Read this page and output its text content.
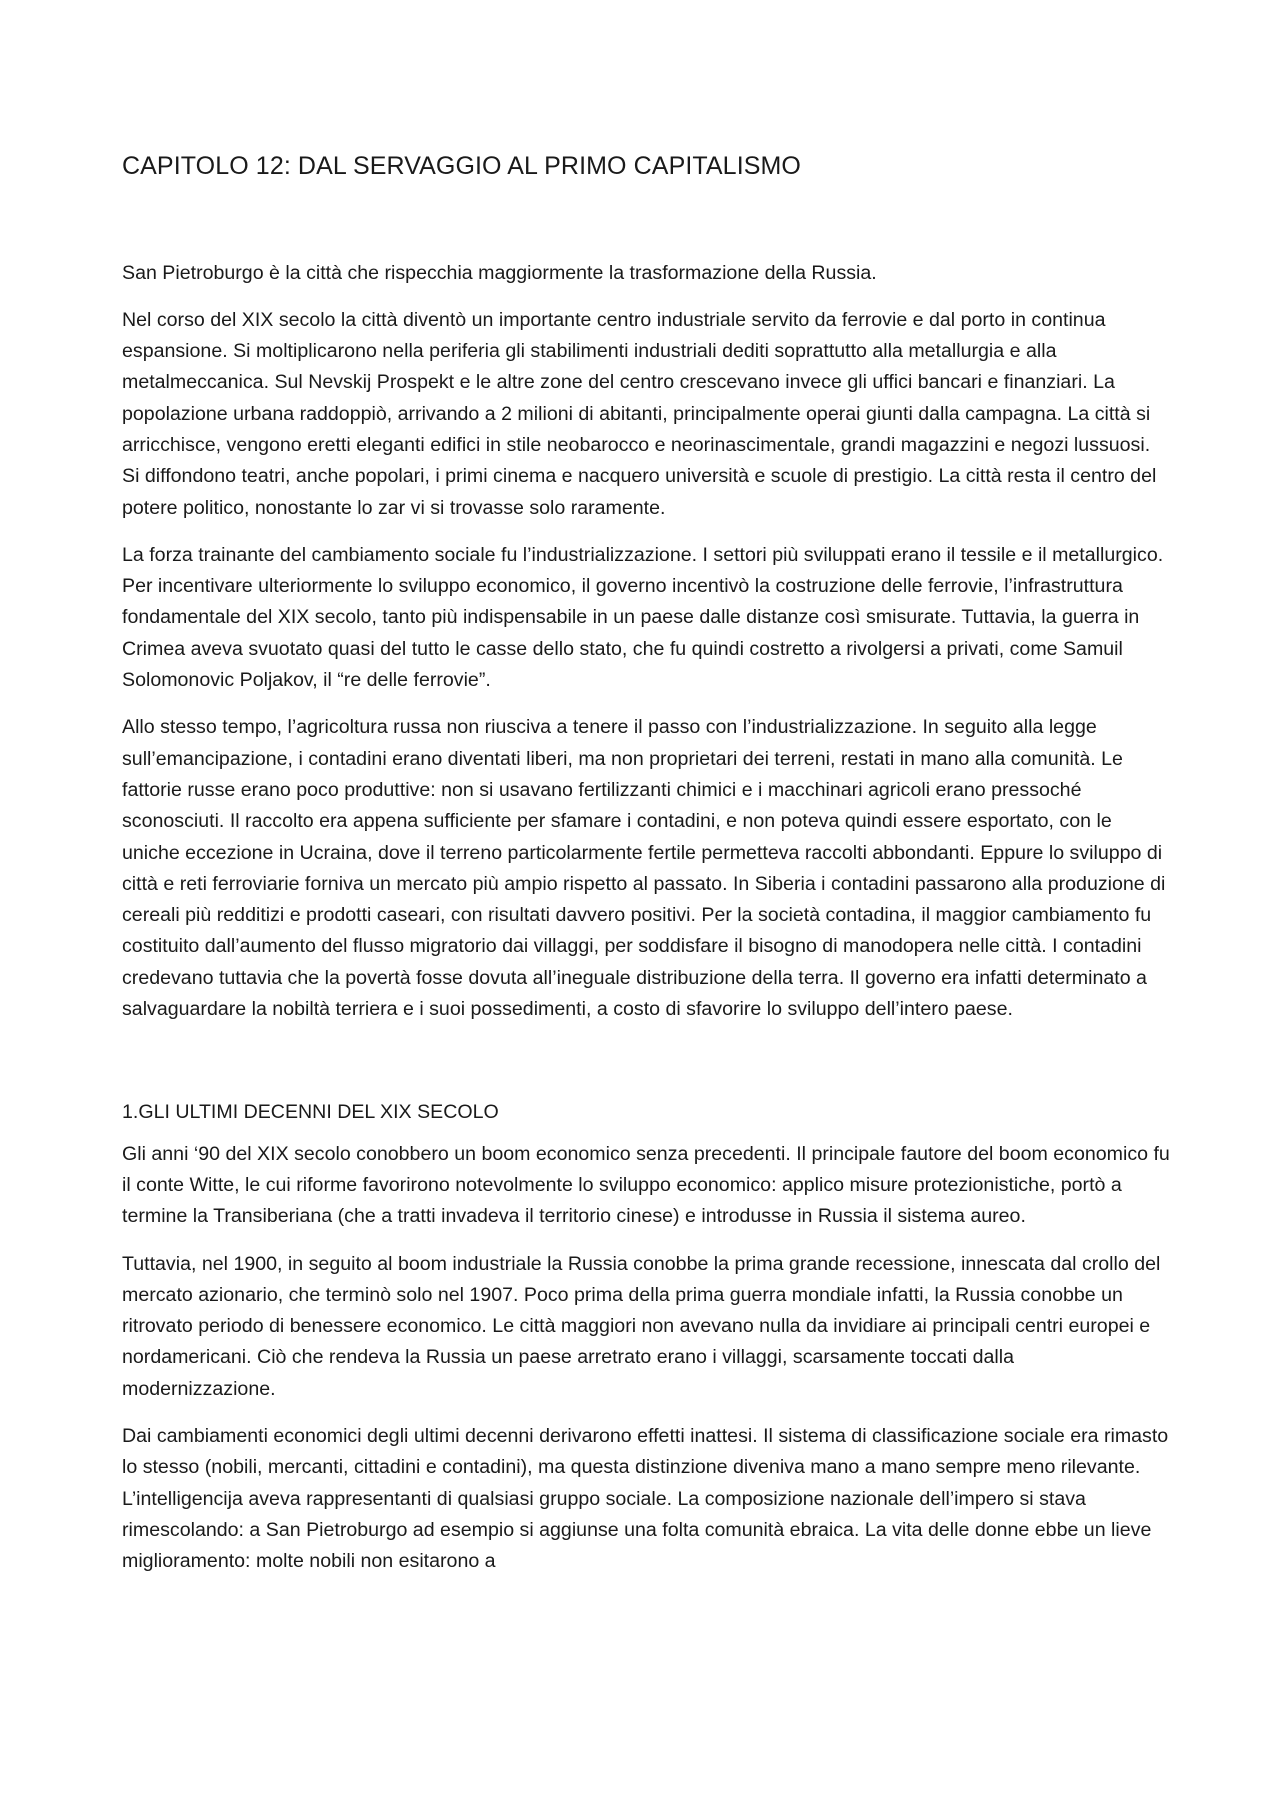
CAPITOLO 12: DAL SERVAGGIO AL PRIMO CAPITALISMO

San Pietroburgo è la città che rispecchia maggiormente la trasformazione della Russia.

Nel corso del XIX secolo la città diventò un importante centro industriale servito da ferrovie e dal porto in continua espansione. Si moltiplicarono nella periferia gli stabilimenti industriali dediti soprattutto alla metallurgia e alla metalmeccanica. Sul Nevskij Prospekt e le altre zone del centro crescevano invece gli uffici bancari e finanziari. La popolazione urbana raddoppiò, arrivando a 2 milioni di abitanti, principalmente operai giunti dalla campagna. La città si arricchisce, vengono eretti eleganti edifici in stile neobarocco e neorinascimentale, grandi magazzini e negozi lussuosi. Si diffondono teatri, anche popolari, i primi cinema e nacquero università e scuole di prestigio. La città resta il centro del potere politico, nonostante lo zar vi si trovasse solo raramente.

La forza trainante del cambiamento sociale fu l’industrializzazione. I settori più sviluppati erano il tessile e il metallurgico. Per incentivare ulteriormente lo sviluppo economico, il governo incentivò la costruzione delle ferrovie, l’infrastruttura fondamentale del XIX secolo, tanto più indispensabile in un paese dalle distanze così smisurate. Tuttavia, la guerra in Crimea aveva svuotato quasi del tutto le casse dello stato, che fu quindi costretto a rivolgersi a privati, come Samuil Solomonovic Poljakov, il “re delle ferrovie”.

Allo stesso tempo, l’agricoltura russa non riusciva a tenere il passo con l’industrializzazione. In seguito alla legge sull’emancipazione, i contadini erano diventati liberi, ma non proprietari dei terreni, restati in mano alla comunità. Le fattorie russe erano poco produttive: non si usavano fertilizzanti chimici e i macchinari agricoli erano pressoché sconosciuti. Il raccolto era appena sufficiente per sfamare i contadini, e non poteva quindi essere esportato, con le uniche eccezione in Ucraina, dove il terreno particolarmente fertile permetteva raccolti abbondanti. Eppure lo sviluppo di città e reti ferroviarie forniva un mercato più ampio rispetto al passato. In Siberia i contadini passarono alla produzione di cereali più redditizi e prodotti caseari, con risultati davvero positivi. Per la società contadina, il maggior cambiamento fu costituito dall’aumento del flusso migratorio dai villaggi, per soddisfare il bisogno di manodopera nelle città. I contadini credevano tuttavia che la povertà fosse dovuta all’ineguale distribuzione della terra. Il governo era infatti determinato a salvaguardare la nobiltà terriera e i suoi possedimenti, a costo di sfavorire lo sviluppo dell’intero paese.

1.GLI ULTIMI DECENNI DEL XIX SECOLO

Gli anni ‘90 del XIX secolo conobbero un boom economico senza precedenti. Il principale fautore del boom economico fu il conte Witte, le cui riforme favorirono notevolmente lo sviluppo economico: applico misure protezionistiche, portò a termine la Transiberiana (che a tratti invadeva il territorio cinese) e introdusse in Russia il sistema aureo.

Tuttavia, nel 1900, in seguito al boom industriale la Russia conobbe la prima grande recessione, innescata dal crollo del mercato azionario, che terminò solo nel 1907. Poco prima della prima guerra mondiale infatti, la Russia conobbe un ritrovato periodo di benessere economico. Le città maggiori non avevano nulla da invidiare ai principali centri europei e nordamericani. Ciò che rendeva la Russia un paese arretrato erano i villaggi, scarsamente toccati dalla modernizzazione.

Dai cambiamenti economici degli ultimi decenni derivarono effetti inattesi. Il sistema di classificazione sociale era rimasto lo stesso (nobili, mercanti, cittadini e contadini), ma questa distinzione diveniva mano a mano sempre meno rilevante. L’intelligencija aveva rappresentanti di qualsiasi gruppo sociale. La composizione nazionale dell’impero si stava rimescolando: a San Pietroburgo ad esempio si aggiunse una folta comunità ebraica. La vita delle donne ebbe un lieve miglioramento: molte nobili non esitarono a
